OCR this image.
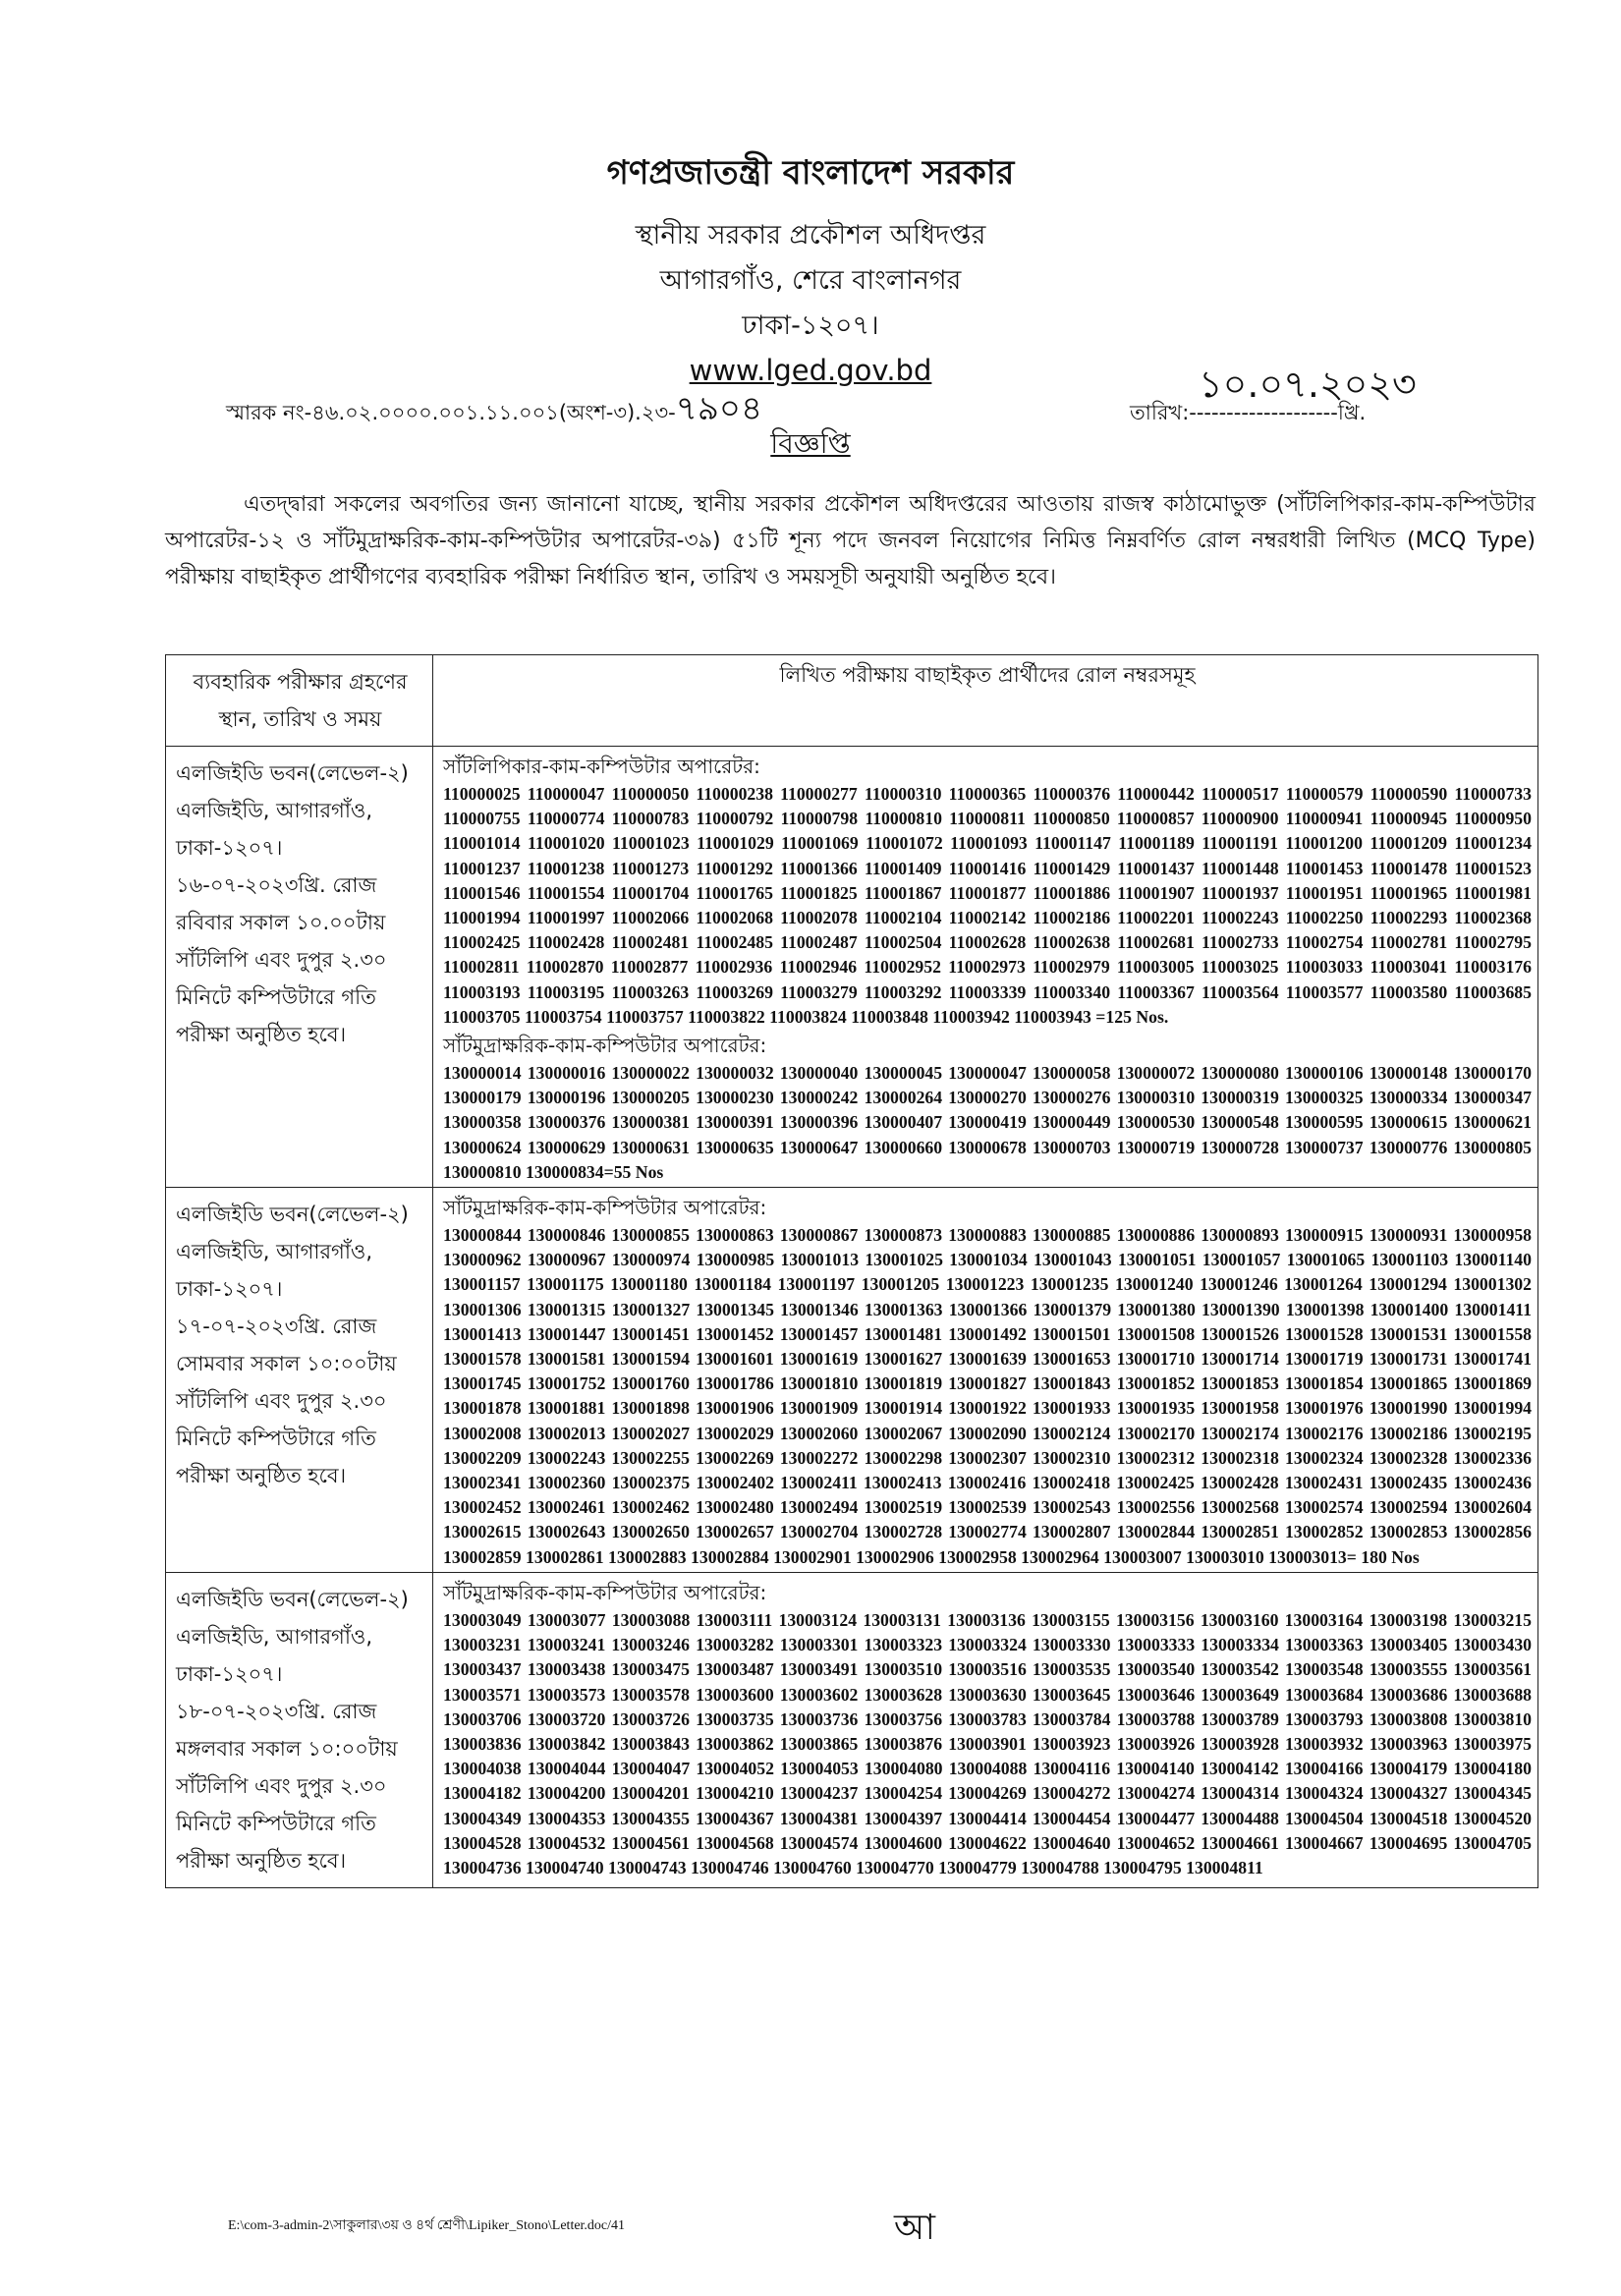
গণপ্রজাতন্ত্রী বাংলাদেশ সরকার
স্থানীয় সরকার প্রকৌশল অধিদপ্তর
আগারগাঁও, শেরে বাংলানগর
ঢাকা-১২০৭।
www.lged.gov.bd
স্মারক নং-৪৬.০২.০০০০.০০১.১১.০০১(অংশ-৩).২৩-৭৯০৪
১০.০৭.২০২৩
তারিখ:--------------------খ্রি.
বিজ্ঞপ্তি
এতদ্দ্বারা সকলের অবগতির জন্য জানানো যাচ্ছে, স্থানীয় সরকার প্রকৌশল অধিদপ্তরের আওতায় রাজস্ব কাঠামোভুক্ত (সাঁটলিপিকার-কাম-কম্পিউটার অপারেটর-১২ ও সাঁটমুদ্রাক্ষরিক-কাম-কম্পিউটার অপারেটর-৩৯) ৫১টি শূন্য পদে জনবল নিয়োগের নিমিত্ত নিম্নবর্ণিত রোল নম্বরধারী লিখিত (MCQ Type) পরীক্ষায় বাছাইকৃত প্রার্থীগণের ব্যবহারিক পরীক্ষা নির্ধারিত স্থান, তারিখ ও সময়সূচী অনুযায়ী অনুষ্ঠিত হবে।
ব্যবহারিক পরীক্ষার গ্রহণের স্থান, তারিখ ও সময়	লিখিত পরীক্ষায় বাছাইকৃত প্রার্থীদের রোল নম্বরসমূহ
এলজিইডি ভবন(লেভেল-২) এলজিইডি, আগারগাঁও, ঢাকা-১২০৭। ১৬-০৭-২০২৩খ্রি. রোজ রবিবার সকাল ১০.০০টায় সাঁটলিপি এবং দুপুর ২.৩০ মিনিটে কম্পিউটারে গতি পরীক্ষা অনুষ্ঠিত হবে।	সাঁটলিপিকার-কাম-কম্পিউটার অপারেটর:
110000025 110000047 110000050 110000238 110000277 110000310 110000365 110000376 110000442 110000517 110000579 110000590 110000733 110000755 110000774 110000783 110000792 110000798 110000810 110000811 110000850 110000857 110000900 110000941 110000945 110000950 110001014 110001020 110001023 110001029 110001069 110001072 110001093 110001147 110001189 110001191 110001200 110001209 110001234 110001237 110001238 110001273 110001292 110001366 110001409 110001416 110001429 110001437 110001448 110001453 110001478 110001523 110001546 110001554 110001704 110001765 110001825 110001867 110001877 110001886 110001907 110001937 110001951 110001965 110001981 110001994 110001997 110002066 110002068 110002078 110002104 110002142 110002186 110002201 110002243 110002250 110002293 110002368 110002425 110002428 110002481 110002485 110002487 110002504 110002628 110002638 110002681 110002733 110002754 110002781 110002795 110002811 110002870 110002877 110002936 110002946 110002952 110002973 110002979 110003005 110003025 110003033 110003041 110003176 110003193 110003195 110003263 110003269 110003279 110003292 110003339 110003340 110003367 110003564 110003577 110003580 110003685 110003705 110003754 110003757 110003822 110003824 110003848 110003942 110003943 =125 Nos.
সাঁটমুদ্রাক্ষরিক-কাম-কম্পিউটার অপারেটর:
130000014 130000016 130000022 130000032 130000040 130000045 130000047 130000058 130000072 130000080 130000106 130000148 130000170 130000179 130000196 130000205 130000230 130000242 130000264 130000270 130000276 130000310 130000319 130000325 130000334 130000347 130000358 130000376 130000381 130000391 130000396 130000407 130000419 130000449 130000530 130000548 130000595 130000615 130000621 130000624 130000629 130000631 130000635 130000647 130000660 130000678 130000703 130000719 130000728 130000737 130000776 130000805 130000810 130000834=55 Nos

এলজিইডি ভবন(লেভেল-২) এলজিইডি, আগারগাঁও, ঢাকা-১২০৭। ১৭-০৭-২০২৩খ্রি. রোজ সোমবার সকাল ১০:০০টায় সাঁটলিপি এবং দুপুর ২.৩০ মিনিটে কম্পিউটারে গতি পরীক্ষা অনুষ্ঠিত হবে।	সাঁটমুদ্রাক্ষরিক-কাম-কম্পিউটার অপারেটর:
130000844 130000846 130000855 130000863 130000867 130000873 130000883 130000885 130000886 130000893 130000915 130000931 130000958 130000962 130000967 130000974 130000985 130001013 130001025 130001034 130001043 130001051 130001057 130001065 130001103 130001140 130001157 130001175 130001180 130001184 130001197 130001205 130001223 130001235 130001240 130001246 130001264 130001294 130001302 130001306 130001315 130001327 130001345 130001346 130001363 130001366 130001379 130001380 130001390 130001398 130001400 130001411 130001413 130001447 130001451 130001452 130001457 130001481 130001492 130001501 130001508 130001526 130001528 130001531 130001558 130001578 130001581 130001594 130001601 130001619 130001627 130001639 130001653 130001710 130001714 130001719 130001731 130001741 130001745 130001752 130001760 130001786 130001810 130001819 130001827 130001843 130001852 130001853 130001854 130001865 130001869 130001878 130001881 130001898 130001906 130001909 130001914 130001922 130001933 130001935 130001958 130001976 130001990 130001994 130002008 130002013 130002027 130002029 130002060 130002067 130002090 130002124 130002170 130002174 130002176 130002186 130002195 130002209 130002243 130002255 130002269 130002272 130002298 130002307 130002310 130002312 130002318 130002324 130002328 130002336 130002341 130002360 130002375 130002402 130002411 130002413 130002416 130002418 130002425 130002428 130002431 130002435 130002436 130002452 130002461 130002462 130002480 130002494 130002519 130002539 130002543 130002556 130002568 130002574 130002594 130002604 130002615 130002643 130002650 130002657 130002704 130002728 130002774 130002807 130002844 130002851 130002852 130002853 130002856 130002859 130002861 130002883 130002884 130002901 130002906 130002958 130002964 130003007 130003010 130003013= 180 Nos

এলজিইডি ভবন(লেভেল-২) এলজিইডি, আগারগাঁও, ঢাকা-১২০৭। ১৮-০৭-২০২৩খ্রি. রোজ মঙ্গলবার সকাল ১০:০০টায় সাঁটলিপি এবং দুপুর ২.৩০ মিনিটে কম্পিউটারে গতি পরীক্ষা অনুষ্ঠিত হবে।	সাঁটমুদ্রাক্ষরিক-কাম-কম্পিউটার অপারেটর:
130003049 130003077 130003088 130003111 130003124 130003131 130003136 130003155 130003156 130003160 130003164 130003198 130003215 130003231 130003241 130003246 130003282 130003301 130003323 130003324 130003330 130003333 130003334 130003363 130003405 130003430 130003437 130003438 130003475 130003487 130003491 130003510 130003516 130003535 130003540 130003542 130003548 130003555 130003561 130003571 130003573 130003578 130003600 130003602 130003628 130003630 130003645 130003646 130003649 130003684 130003686 130003688 130003706 130003720 130003726 130003735 130003736 130003756 130003783 130003784 130003788 130003789 130003793 130003808 130003810 130003836 130003842 130003843 130003862 130003865 130003876 130003901 130003923 130003926 130003928 130003932 130003963 130003975 130004038 130004044 130004047 130004052 130004053 130004080 130004088 130004116 130004140 130004142 130004166 130004179 130004180 130004182 130004200 130004201 130004210 130004237 130004254 130004269 130004272 130004274 130004314 130004324 130004327 130004345 130004349 130004353 130004355 130004367 130004381 130004397 130004414 130004454 130004477 130004488 130004504 130004518 130004520 130004528 130004532 130004561 130004568 130004574 130004600 130004622 130004640 130004652 130004661 130004667 130004695 130004705 130004736 130004740 130004743 130004746 130004760 130004770 130004779 130004788 130004795 130004811
E:\com-3-admin-2\সাকুলার\৩য় ও ৪র্থ শ্রেণী\Lipiker_Stono\Letter.doc/41	আ
